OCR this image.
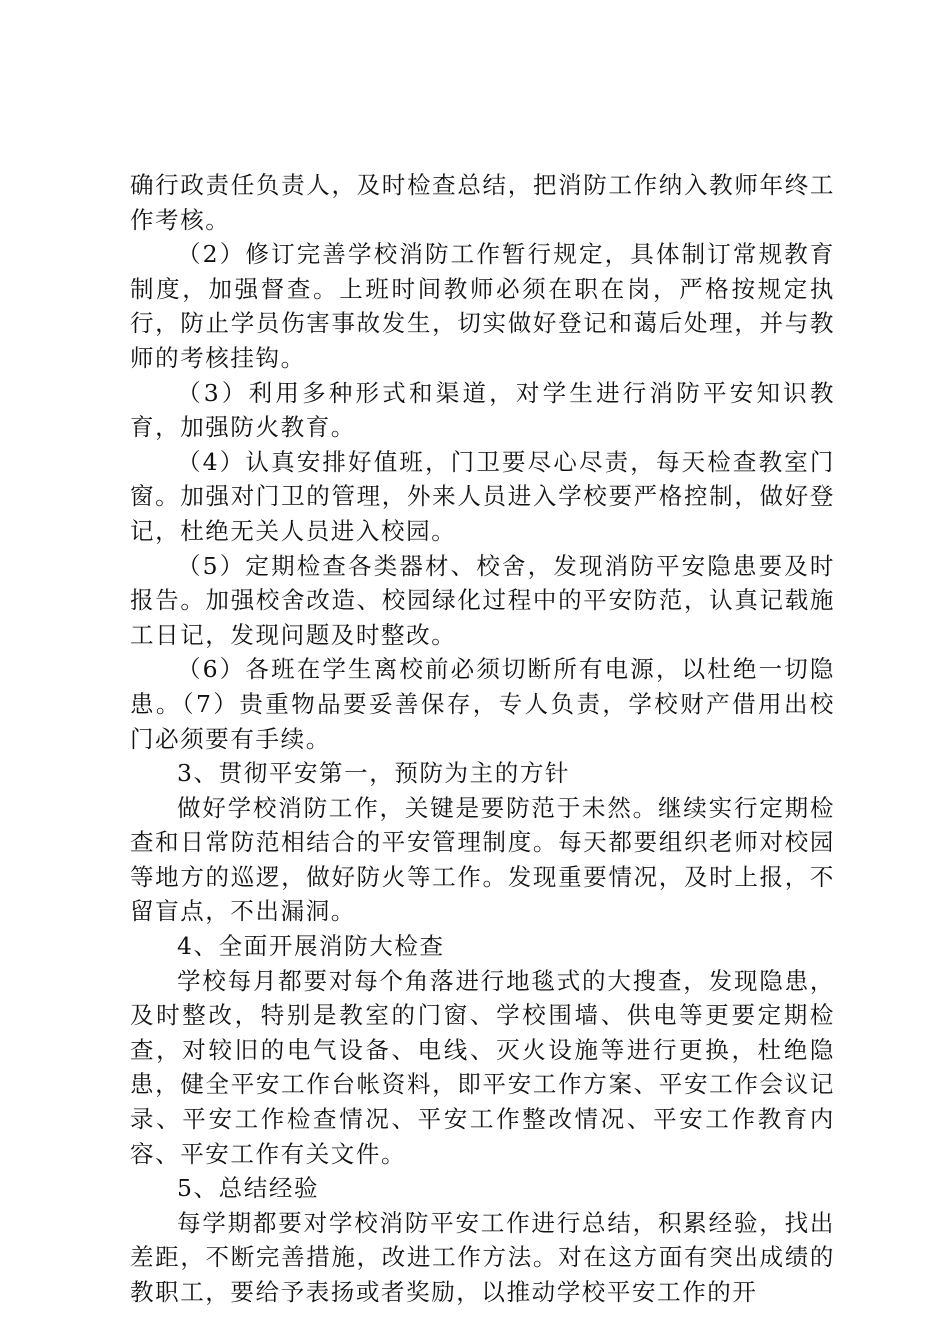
确行政责任负责人，及时检查总结，把消防工作纳入教师年终工作考核。

（2）修订完善学校消防工作暂行规定，具体制订常规教育制度，加强督查。上班时间教师必须在职在岗，严格按规定执行，防止学员伤害事故发生，切实做好登记和蔼后处理，并与教师的考核挂钩。

（3）利用多种形式和渠道，对学生进行消防平安知识教育，加强防火教育。

（4）认真安排好值班，门卫要尽心尽责，每天检查教室门窗。加强对门卫的管理，外来人员进入学校要严格控制，做好登记，杜绝无关人员进入校园。

（5）定期检查各类器材、校舍，发现消防平安隐患要及时报告。加强校舍改造、校园绿化过程中的平安防范，认真记载施工日记，发现问题及时整改。

（6）各班在学生离校前必须切断所有电源，以杜绝一切隐患。（7）贵重物品要妥善保存，专人负责，学校财产借用出校门必须要有手续。

3、贯彻平安第一，预防为主的方针

做好学校消防工作，关键是要防范于未然。继续实行定期检查和日常防范相结合的平安管理制度。每天都要组织老师对校园等地方的巡逻，做好防火等工作。发现重要情况，及时上报，不留盲点，不出漏洞。

4、全面开展消防大检查

学校每月都要对每个角落进行地毯式的大搜查，发现隐患，及时整改，特别是教室的门窗、学校围墙、供电等更要定期检查，对较旧的电气设备、电线、灭火设施等进行更换，杜绝隐患，健全平安工作台帐资料，即平安工作方案、平安工作会议记录、平安工作检查情况、平安工作整改情况、平安工作教育内容、平安工作有关文件。

5、总结经验

每学期都要对学校消防平安工作进行总结，积累经验，找出差距，不断完善措施，改进工作方法。对在这方面有突出成绩的教职工，要给予表扬或者奖励，以推动学校平安工作的开
